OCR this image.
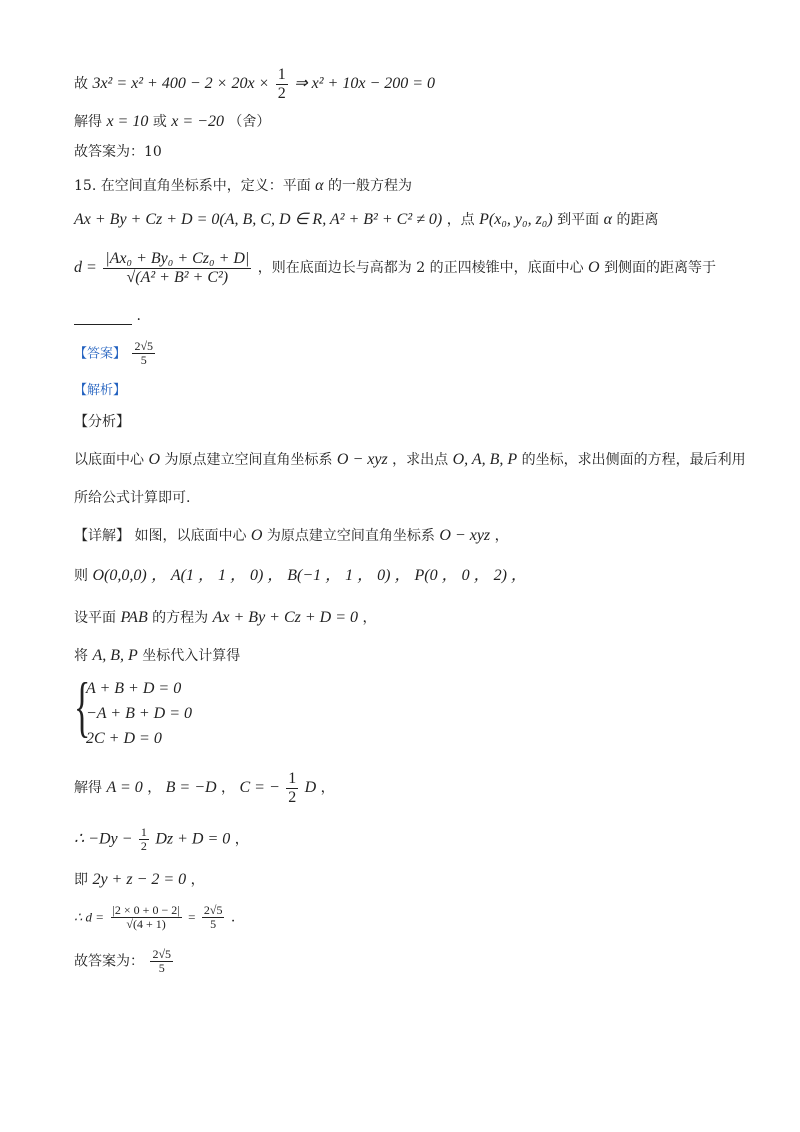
故 $3x^2 = x^2 + 400 - 2 \times 20x \times \frac{1}{2}$ ⇒ x² + 10x − 200 = 0
解得 x = 10 或 x = −20 （舍）
故答案为：10
15. 在空间直角坐标系中，定义：平面 α 的一般方程为
Ax + By + Cz + D = 0(A, B, C, D ∈ R, A² + B² + C² ≠ 0) ，点 P(x₀, y₀, z₀) 到平面 α 的距离
$d = \frac{\text{|Ax₀ + By₀ + Cz₀ + D|}}{\text{√(A² + B² + C²)}}$ ，则在底面边长与高都为 2 的正四棱锥中，底面中心 O 到侧面的距离等于
.
【答案】 $\frac{2√5}{5}$
【解析】
【分析】
以底面中心 O 为原点建立空间直角坐标系 O − xyz ，求出点 O, A, B, P 的坐标，求出侧面的方程，最后利用
所给公式计算即可.
【详解】 如图，以底面中心 O 为原点建立空间直角坐标系 O − xyz ，
则 O(0,0,0) ， A(1 ， 1 ， 0) ， B(−1 ， 1 ， 0) ， P(0 ， 0 ， 2) ，
设平面 PAB 的方程为 Ax + By + Cz + D = 0 ，
将 A, B, P 坐标代入计算得
{
A + B + D = 0
−A + B + D = 0
2C + D = 0
解得 A = 0 ， B = −D ， C = − $\frac{1}{2}$ D ，
∴ $-Dy - \frac{1}{2}$ Dz + D = 0 ，
即 2y + z − 2 = 0 ，
∴ $d = \frac{|2 \times 0 + 0 - 2|}{√(4 + 1)} = \frac{2√5}{5}$ .
故答案为： $\frac{2√5}{5}$
